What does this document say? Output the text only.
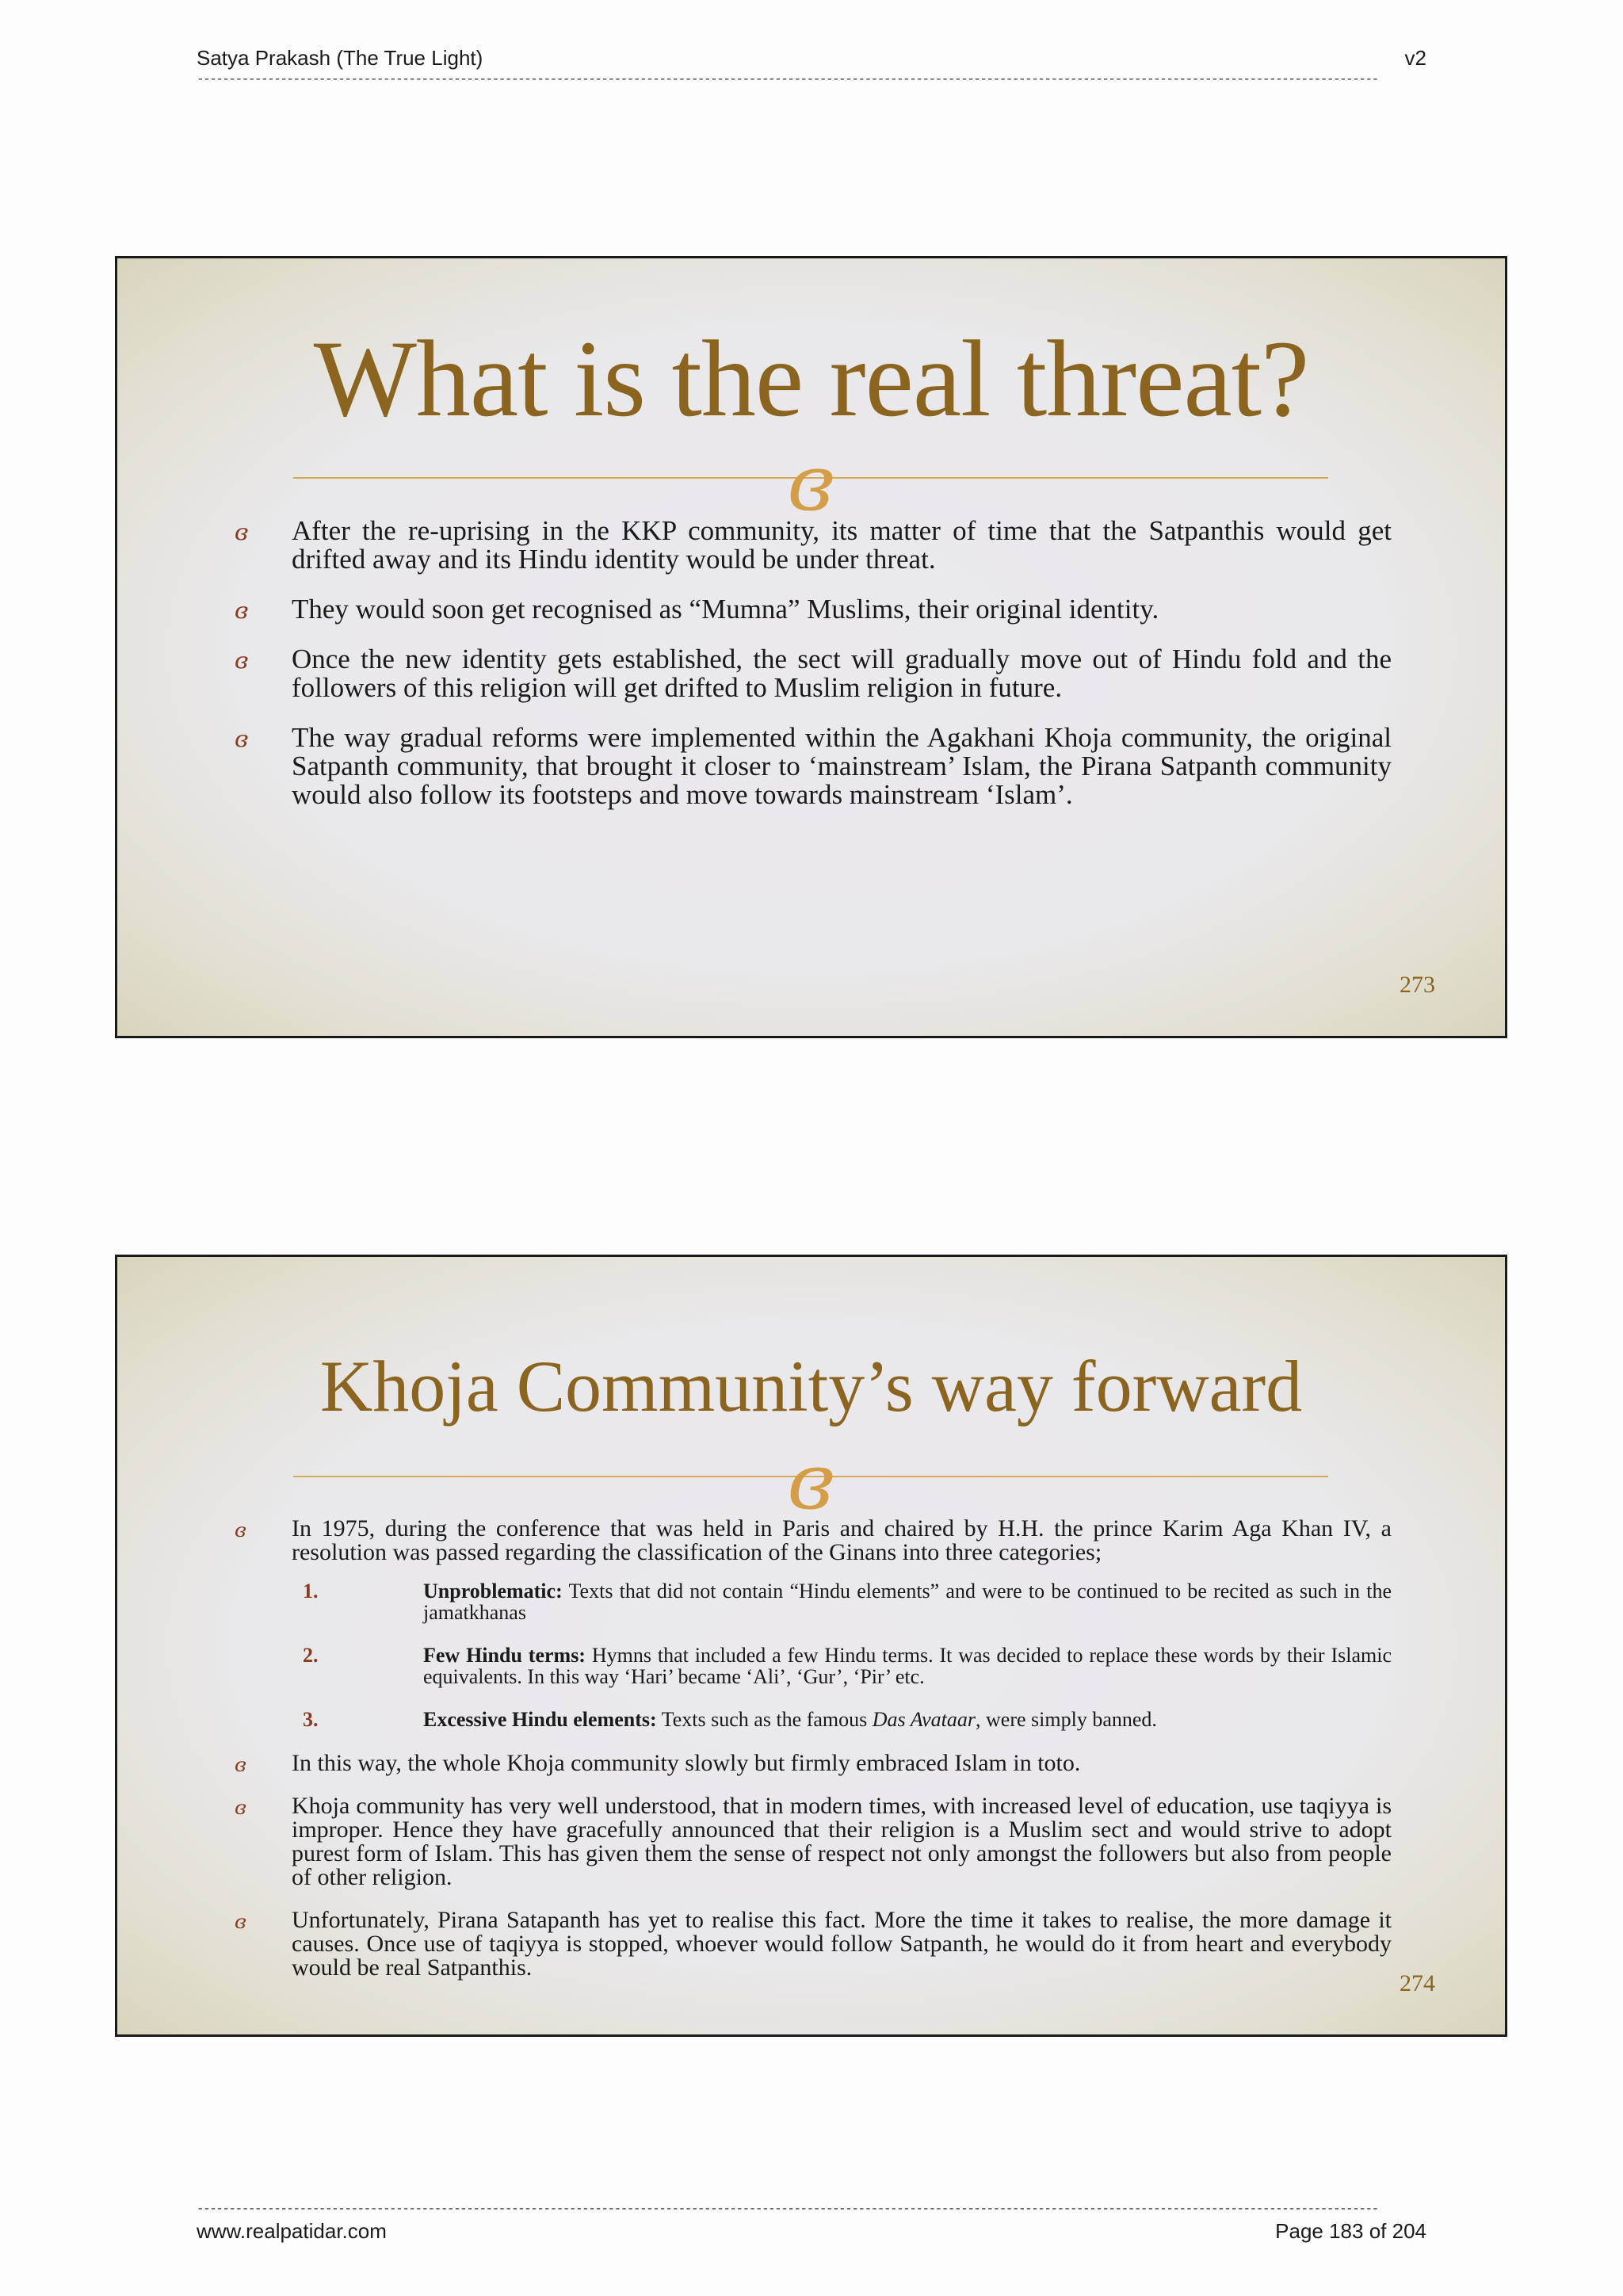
Satya Prakash (The True Light)	v2
----------------------------------------------------------------------------------------------------------------------------------------------------------------------------------------
What is the real threat?
ɞ
ɞ After the re-uprising in the KKP community, its matter of time that the Satpanthis would get drifted away and its Hindu identity would be under threat.
ɞ They would soon get recognised as “Mumna” Muslims, their original identity.
ɞ Once the new identity gets established, the sect will gradually move out of Hindu fold and the followers of this religion will get drifted to Muslim religion in future.
ɞ The way gradual reforms were implemented within the Agakhani Khoja community, the original Satpanth community, that brought it closer to ‘mainstream’ Islam, the Pirana Satpanth community would also follow its footsteps and move towards mainstream ‘Islam’.
273
Khoja Community’s way forward
ɞ
ɞ In 1975, during the conference that was held in Paris and chaired by H.H. the prince Karim Aga Khan IV, a resolution was passed regarding the classification of the Ginans into three categories;
1.	Unproblematic: Texts that did not contain “Hindu elements” and were to be continued to be recited as such in the jamatkhanas
2.	Few Hindu terms: Hymns that included a few Hindu terms. It was decided to replace these words by their Islamic equivalents. In this way ‘Hari’ became ‘Ali’, ‘Gur’, ‘Pir’ etc.
3.	Excessive Hindu elements: Texts such as the famous Das Avataar, were simply banned.
ɞ In this way, the whole Khoja community slowly but firmly embraced Islam in toto.
ɞ Khoja community has very well understood, that in modern times, with increased level of education, use taqiyya is improper. Hence they have gracefully announced that their religion is a Muslim sect and would strive to adopt purest form of Islam. This has given them the sense of respect not only amongst the followers but also from people of other religion.
ɞ Unfortunately, Pirana Satapanth has yet to realise this fact. More the time it takes to realise, the more damage it causes. Once use of taqiyya is stopped, whoever would follow Satpanth, he would do it from heart and everybody would be real Satpanthis.
274
----------------------------------------------------------------------------------------------------------------------------------------------------------------------------------------
www.realpatidar.com	Page 183 of 204
